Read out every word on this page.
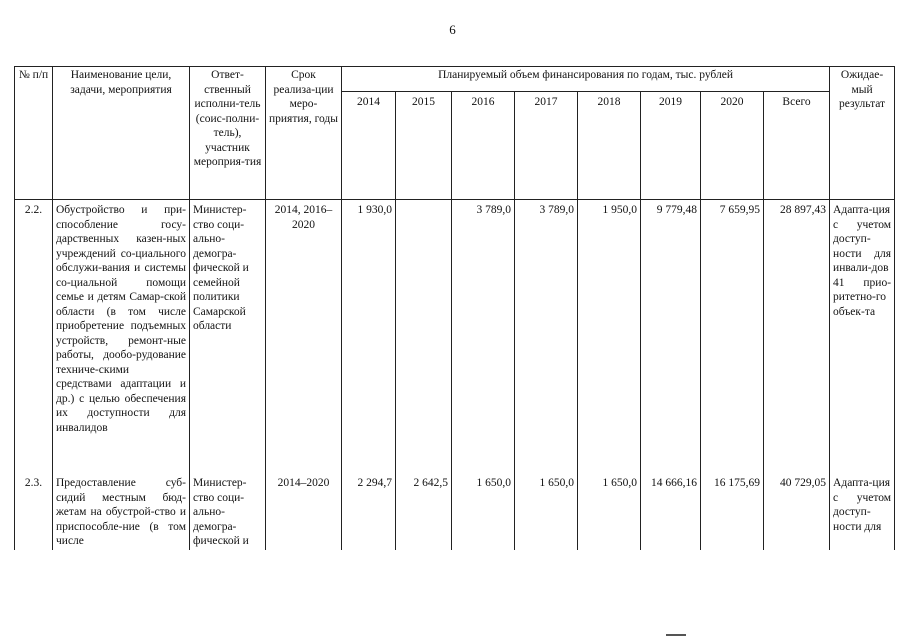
6
№ п/п	Наименование цели, задачи, мероприятия	Ответ-ственный исполни-тель (соис-полни-тель), участник мероприя-тия	Срок реализа-ции меро-приятия, годы	Планируемый объем финансирования по годам, тыс. рублей								Ожидае-мый результат
				2014	2015	2016	2017	2018	2019	2020	Всего	
2.2.	Обустройство и при-способление госу-дарственных казен-ных учреждений со-циального обслужи-вания и системы со-циальной помощи семье и детям Самар-ской области (в том числе приобретение подъемных устройств, ремонт-ные работы, дообо-рудование техниче-скими средствами адаптации и др.) с целью обеспечения их доступности для инвалидов	Министер-ство соци-ально-демогра-фической и семейной политики Самарской области	2014, 2016–2020	1 930,0		3 789,0	3 789,0	1 950,0	9 779,48	7 659,95	28 897,43	Адапта-ция с учетом доступ-ности для инвали-дов 41 прио-ритетно-го объек-та
2.3.	Предоставление суб-сидий местным бюд-жетам на обустрой-ство и приспособле-ние (в том числе	Министер-ство соци-ально-демогра-фической и	2014–2020	2 294,7	2 642,5	1 650,0	1 650,0	1 650,0	14 666,16	16 175,69	40 729,05	Адапта-ция с учетом доступ-ности для
